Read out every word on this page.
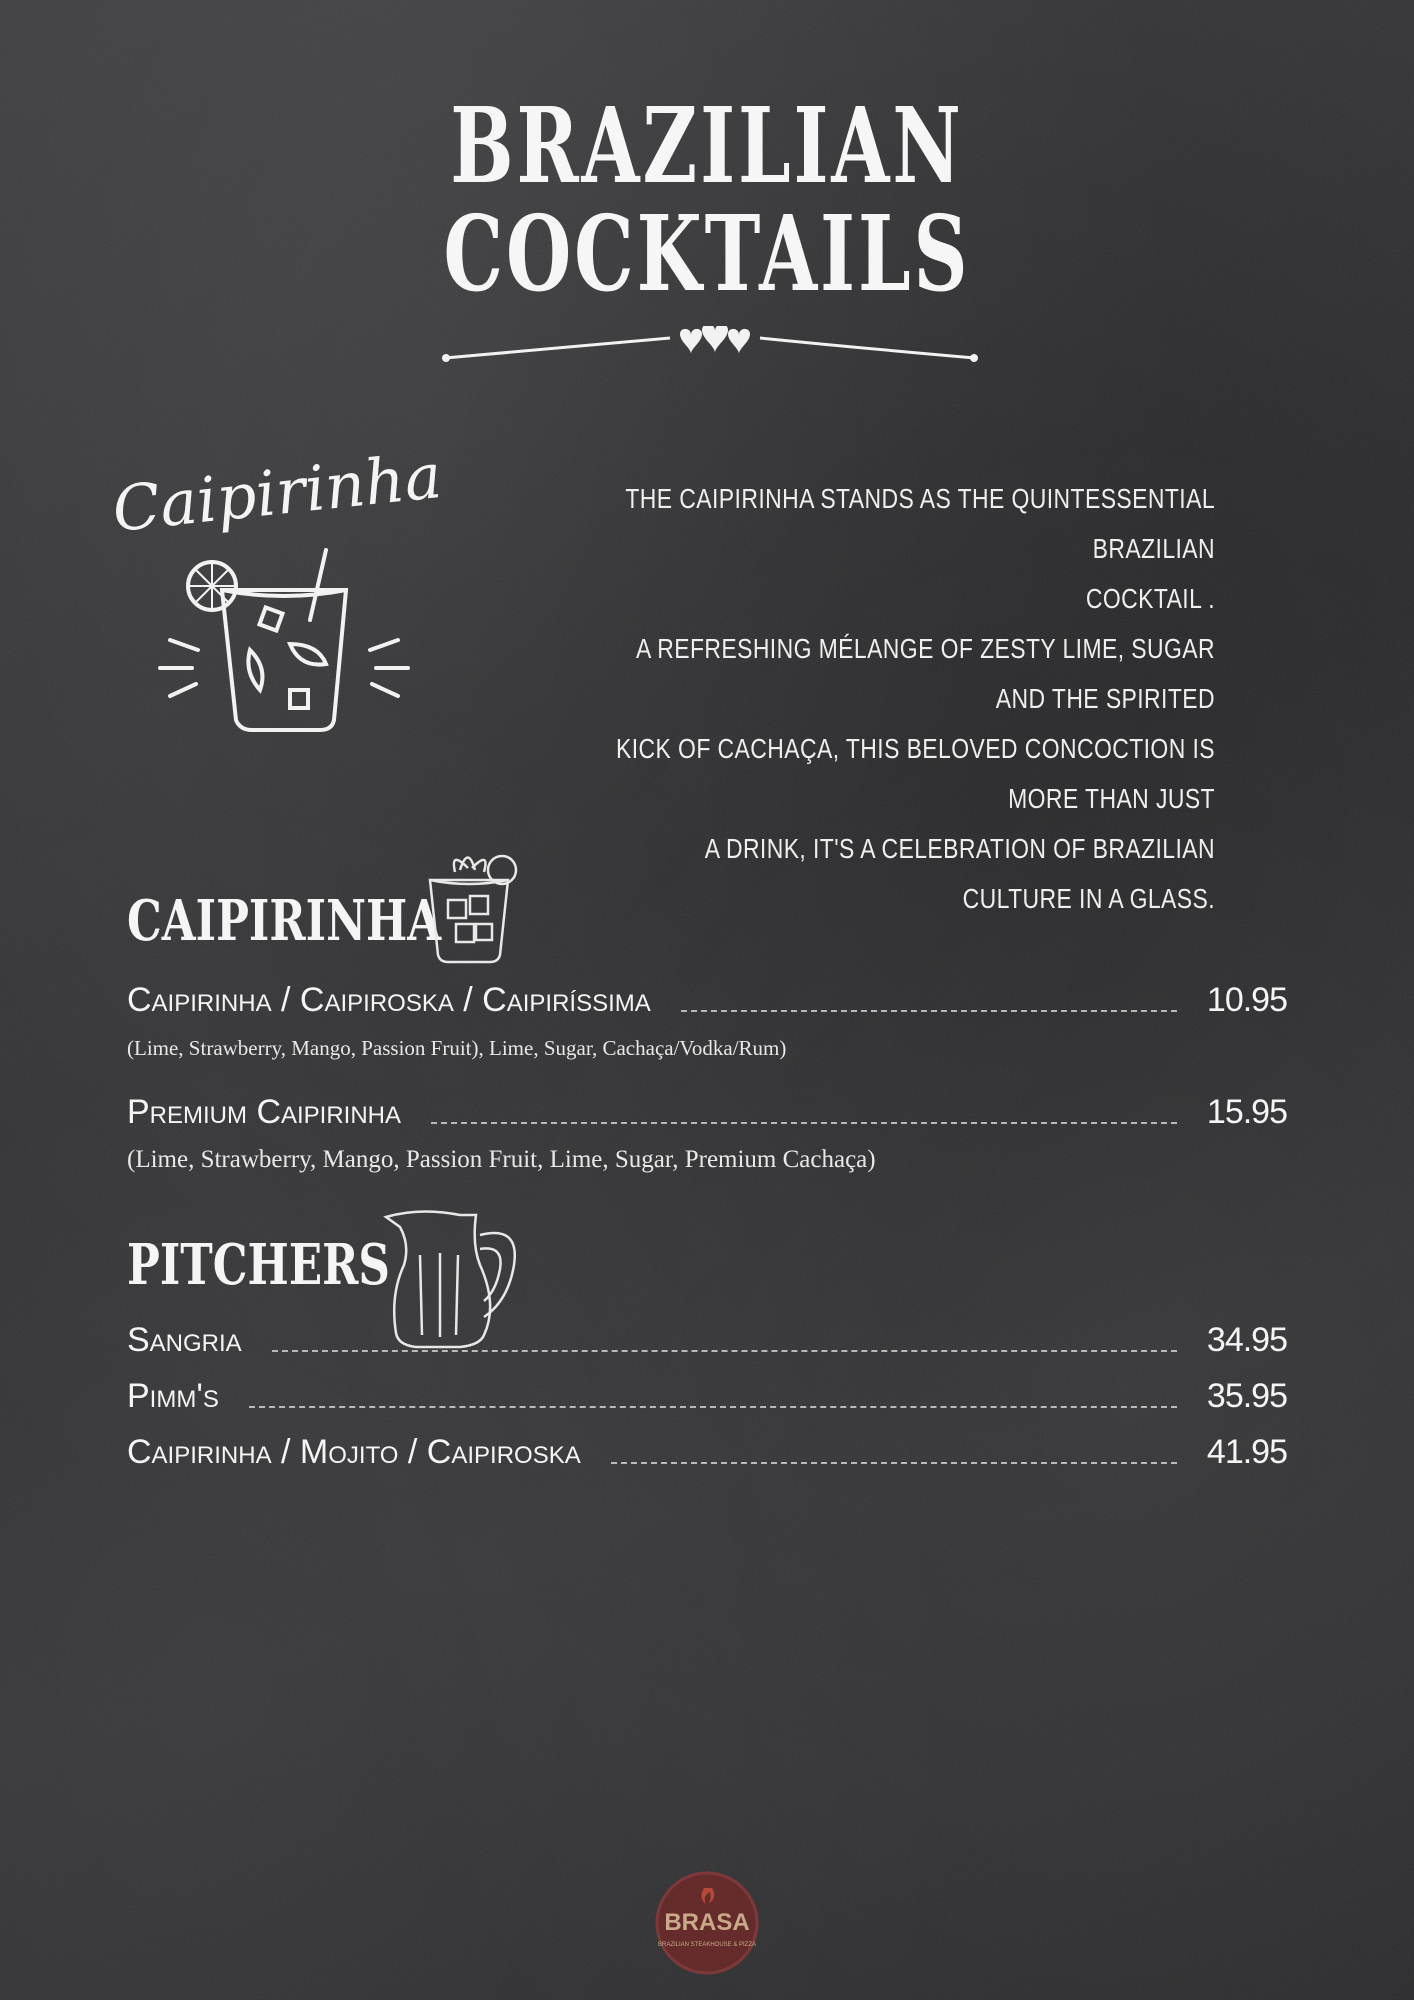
BRAZILIAN
COCKTAILS
Caipirinha	THE CAIPIRINHA STANDS AS THE QUINTESSENTIAL BRAZILIAN
COCKTAIL .
A REFRESHING MÉLANGE OF ZESTY LIME, SUGAR AND THE SPIRITED
KICK OF CACHAÇA, THIS BELOVED CONCOCTION IS MORE THAN JUST
A DRINK, IT'S A CELEBRATION OF BRAZILIAN CULTURE IN A GLASS.
CAIPIRINHA
Caipirinha / Caipiroska / Caipiríssima	10.95
(Lime, Strawberry, Mango, Passion Fruit), Lime, Sugar, Cachaça/Vodka/Rum)
Premium Caipirinha	15.95
(Lime, Strawberry, Mango, Passion Fruit, Lime, Sugar, Premium Cachaça)
PITCHERS
Sangria	34.95
Pimm's	35.95
Caipirinha / Mojito / Caipiroska	41.95
BRASA
BRAZILIAN STEAKHOUSE & PIZZA
